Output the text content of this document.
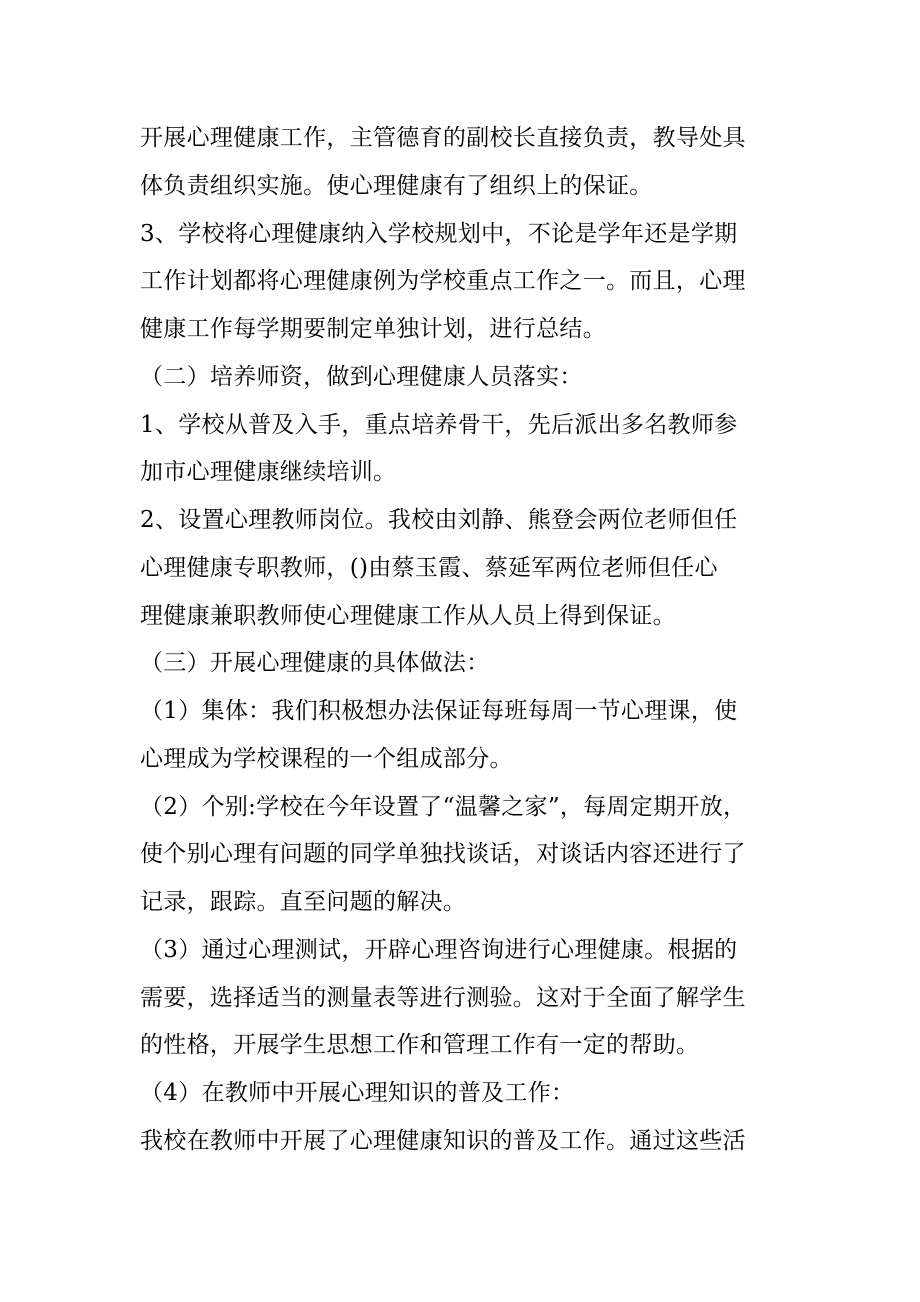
开展心理健康工作，主管德育的副校长直接负责，教导处具
体负责组织实施。使心理健康有了组织上的保证。
3、学校将心理健康纳入学校规划中，不论是学年还是学期
工作计划都将心理健康例为学校重点工作之一。而且，心理
健康工作每学期要制定单独计划，进行总结。
（二）培养师资，做到心理健康人员落实：
1、学校从普及入手，重点培养骨干，先后派出多名教师参
加市心理健康继续培训。
2、设置心理教师岗位。我校由刘静、熊登会两位老师但任
心理健康专职教师，()由蔡玉霞、蔡延军两位老师但任心
理健康兼职教师使心理健康工作从人员上得到保证。
（三）开展心理健康的具体做法：
（1）集体：我们积极想办法保证每班每周一节心理课，使
心理成为学校课程的一个组成部分。
（2）个别:学校在今年设置了“温馨之家”，每周定期开放，
使个别心理有问题的同学单独找谈话，对谈话内容还进行了
记录，跟踪。直至问题的解决。
（3）通过心理测试，开辟心理咨询进行心理健康。根据的
需要，选择适当的测量表等进行测验。这对于全面了解学生
的性格，开展学生思想工作和管理工作有一定的帮助。
（4）在教师中开展心理知识的普及工作：
我校在教师中开展了心理健康知识的普及工作。通过这些活
